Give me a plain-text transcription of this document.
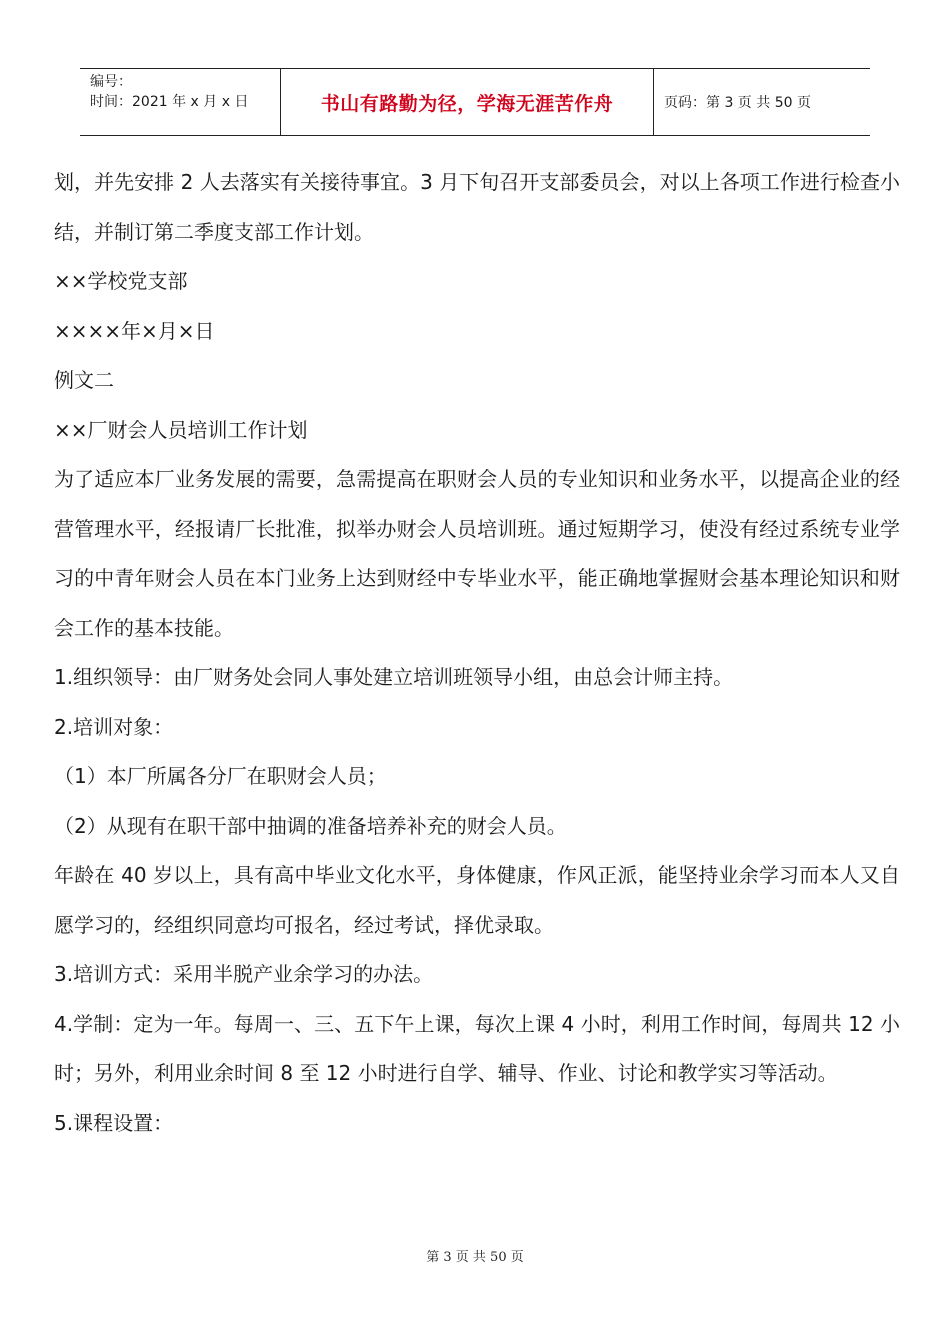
编号：
时间：2021 年 x 月 x 日	书山有路勤为径，学海无涯苦作舟	页码：第 3 页 共 50 页

划，并先安排 2 人去落实有关接待事宜。3 月下旬召开支部委员会，对以上各项工作进行检查小结，并制订第二季度支部工作计划。

××学校党支部

××××年×月×日

例文二

××厂财会人员培训工作计划

为了适应本厂业务发展的需要，急需提高在职财会人员的专业知识和业务水平，以提高企业的经营管理水平，经报请厂长批准，拟举办财会人员培训班。通过短期学习，使没有经过系统专业学习的中青年财会人员在本门业务上达到财经中专毕业水平，能正确地掌握财会基本理论知识和财会工作的基本技能。

1.组织领导：由厂财务处会同人事处建立培训班领导小组，由总会计师主持。

2.培训对象：

（1）本厂所属各分厂在职财会人员；

（2）从现有在职干部中抽调的准备培养补充的财会人员。

年龄在 40 岁以上，具有高中毕业文化水平，身体健康，作风正派，能坚持业余学习而本人又自愿学习的，经组织同意均可报名，经过考试，择优录取。

3.培训方式：采用半脱产业余学习的办法。

4.学制：定为一年。每周一、三、五下午上课，每次上课 4 小时，利用工作时间，每周共 12 小时；另外，利用业余时间 8 至 12 小时进行自学、辅导、作业、讨论和教学实习等活动。

5.课程设置：

第 3 页 共 50 页
